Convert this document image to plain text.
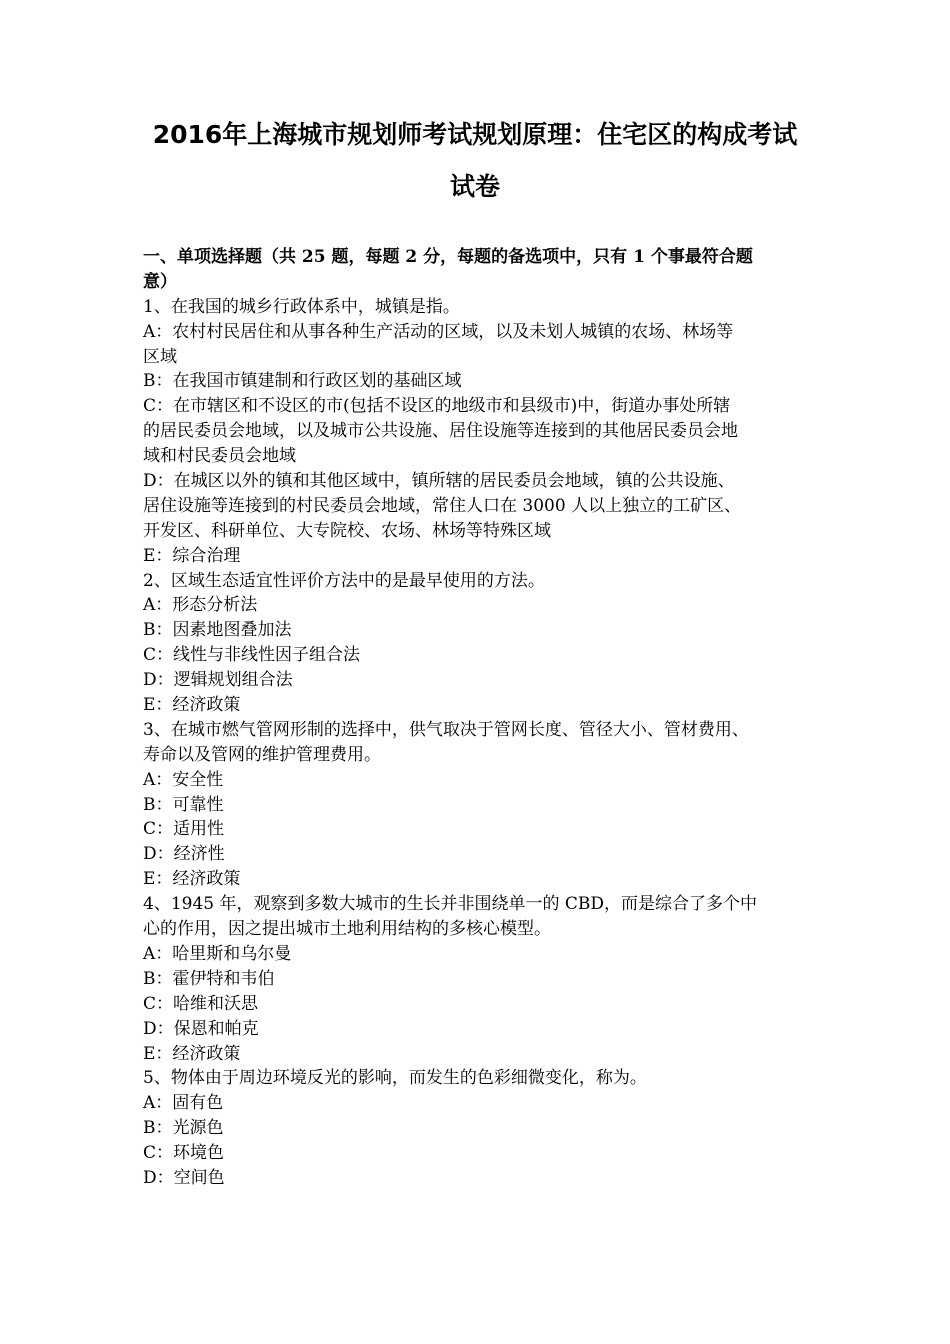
2016年上海城市规划师考试规划原理：住宅区的构成考试
试卷
一、单项选择题（共 25 题，每题 2 分，每题的备选项中，只有 1 个事最符合题
意）
1、在我国的城乡行政体系中，城镇是指。
A：农村村民居住和从事各种生产活动的区域，以及未划人城镇的农场、林场等
区域
B：在我国市镇建制和行政区划的基础区域
C：在市辖区和不设区的市(包括不设区的地级市和县级市)中，街道办事处所辖
的居民委员会地域，以及城市公共设施、居住设施等连接到的其他居民委员会地
域和村民委员会地域
D：在城区以外的镇和其他区域中，镇所辖的居民委员会地域，镇的公共设施、
居住设施等连接到的村民委员会地域，常住人口在 3000 人以上独立的工矿区、
开发区、科研单位、大专院校、农场、林场等特殊区域
E：综合治理
2、区域生态适宜性评价方法中的是最早使用的方法。
A：形态分析法
B：因素地图叠加法
C：线性与非线性因子组合法
D：逻辑规划组合法
E：经济政策
3、在城市燃气管网形制的选择中，供气取决于管网长度、管径大小、管材费用、
寿命以及管网的维护管理费用。
A：安全性
B：可靠性
C：适用性
D：经济性
E：经济政策
4、1945 年，观察到多数大城市的生长并非围绕单一的 CBD，而是综合了多个中
心的作用，因之提出城市土地利用结构的多核心模型。
A：哈里斯和乌尔曼
B：霍伊特和韦伯
C：哈维和沃思
D：保恩和帕克
E：经济政策
5、物体由于周边环境反光的影响，而发生的色彩细微变化，称为。
A：固有色
B：光源色
C：环境色
D：空间色
